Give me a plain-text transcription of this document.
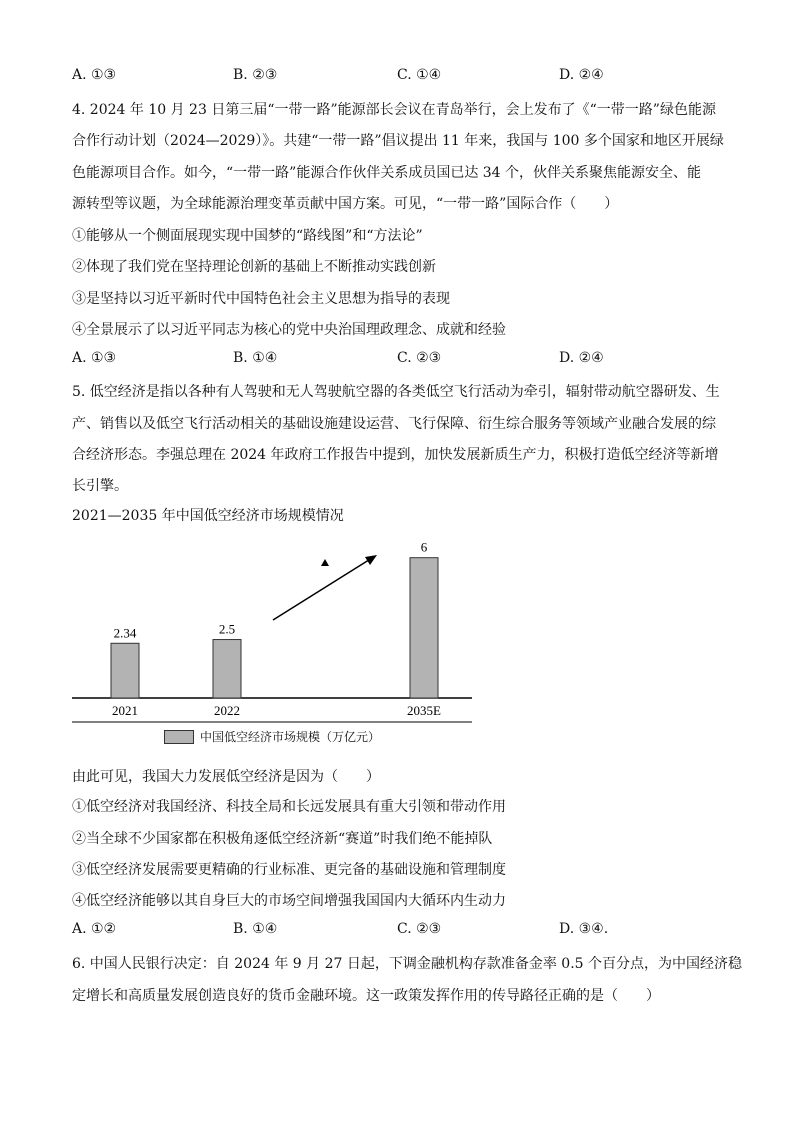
A. ①③	B. ②③	C. ①④	D. ②④
4. 2024 年 10 月 23 日第三届“一带一路”能源部长会议在青岛举行，会上发布了《“一带一路”绿色能源
合作行动计划（2024—2029）》。共建“一带一路”倡议提出 11 年来，我国与 100 多个国家和地区开展绿
色能源项目合作。如今，“一带一路”能源合作伙伴关系成员国已达 34 个，伙伴关系聚焦能源安全、能
源转型等议题，为全球能源治理变革贡献中国方案。可见，“一带一路”国际合作（　　）
①能够从一个侧面展现实现中国梦的“路线图”和“方法论”
②体现了我们党在坚持理论创新的基础上不断推动实践创新
③是坚持以习近平新时代中国特色社会主义思想为指导的表现
④全景展示了以习近平同志为核心的党中央治国理政理念、成就和经验
A. ①③	B. ①④	C. ②③	D. ②④
5. 低空经济是指以各种有人驾驶和无人驾驶航空器的各类低空飞行活动为牵引，辐射带动航空器研发、生
产、销售以及低空飞行活动相关的基础设施建设运营、飞行保障、衍生综合服务等领域产业融合发展的综
合经济形态。李强总理在 2024 年政府工作报告中提到，加快发展新质生产力，积极打造低空经济等新增
长引擎。
2021—2035 年中国低空经济市场规模情况
2.34
2021
2.5
2022
6
2035E
中国低空经济市场规模（万亿元）
由此可见，我国大力发展低空经济是因为（　　）
①低空经济对我国经济、科技全局和长远发展具有重大引领和带动作用
②当全球不少国家都在积极角逐低空经济新“赛道”时我们绝不能掉队
③低空经济发展需要更精确的行业标准、更完备的基础设施和管理制度
④低空经济能够以其自身巨大的市场空间增强我国国内大循环内生动力
A. ①②	B. ①④	C. ②③	D. ③④.
6. 中国人民银行决定：自 2024 年 9 月 27 日起，下调金融机构存款准备金率 0.5 个百分点，为中国经济稳
定增长和高质量发展创造良好的货币金融环境。这一政策发挥作用的传导路径正确的是（　　）
